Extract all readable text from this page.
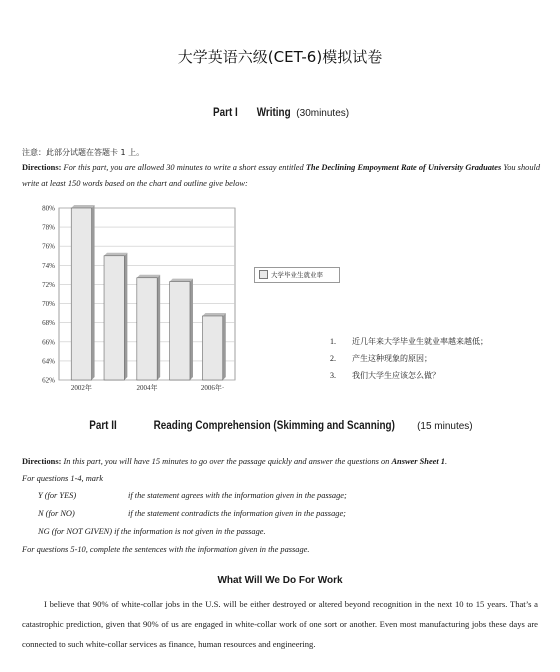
大学英语六级(CET-6)模拟试卷
Part I Writing (30minutes)
注意：此部分试题在答题卡 1 上。
Directions: For this part, you are allowed 30 minutes to write a short essay entitled The Declining Empoyment Rate of University Graduates You should write at least 150 words based on the chart and outline give below:
80%
78%
76%
74%
72%
70%
68%
66%
64%
62%
2002年	2004年	2006年·
大学毕业生就业率
1. 近几年来大学毕业生就业率越来越低；
2. 产生这种现象的原因；
3. 我们大学生应该怎么做？
Part II	Reading Comprehension (Skimming and Scanning) (15 minutes)
Directions: In this part, you will have 15 minutes to go over the passage quickly and answer the questions on Answer Sheet 1.
For questions 1-4, mark
Y (for YES)	if the statement agrees with the information given in the passage;
N (for NO)	if the statement contradicts the information given in the passage;
NG (for NOT GIVEN) if the information is not given in the passage.
For questions 5-10, complete the sentences with the information given in the passage.
What Will We Do For Work
I believe that 90% of white-collar jobs in the U.S. will be either destroyed or altered beyond recognition in the next 10 to 15 years. That’s a catastrophic prediction, given that 90% of us are engaged in white-collar work of one sort or another. Even most manufacturing jobs these days are connected to such white-collar services as finance, human resources and engineering.
